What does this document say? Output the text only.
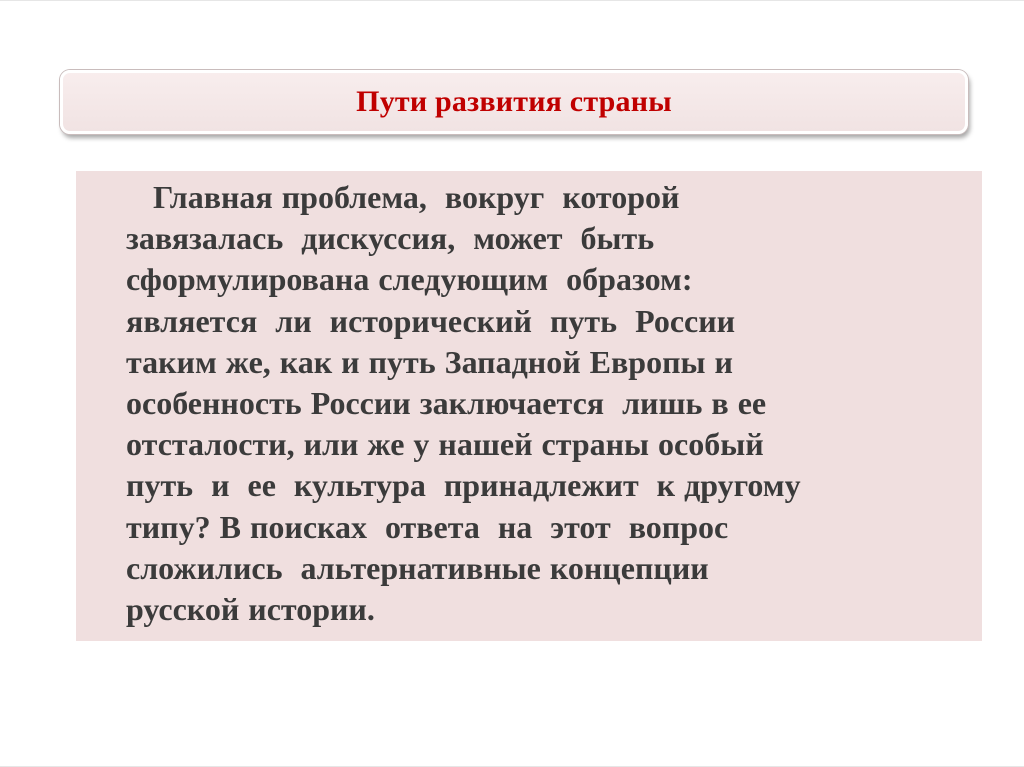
Пути развития страны

Главная проблема,  вокруг  которой
завязалась  дискуссия,  может  быть
сформулирована следующим  образом:
является  ли  исторический  путь  России
таким же, как и путь Западной Европы и
особенность России заключается  лишь в ее
отсталости, или же у нашей страны особый
путь  и  ее  культура  принадлежит  к другому
типу? В поисках  ответа  на  этот  вопрос
сложились  альтернативные концепции
русской истории.
